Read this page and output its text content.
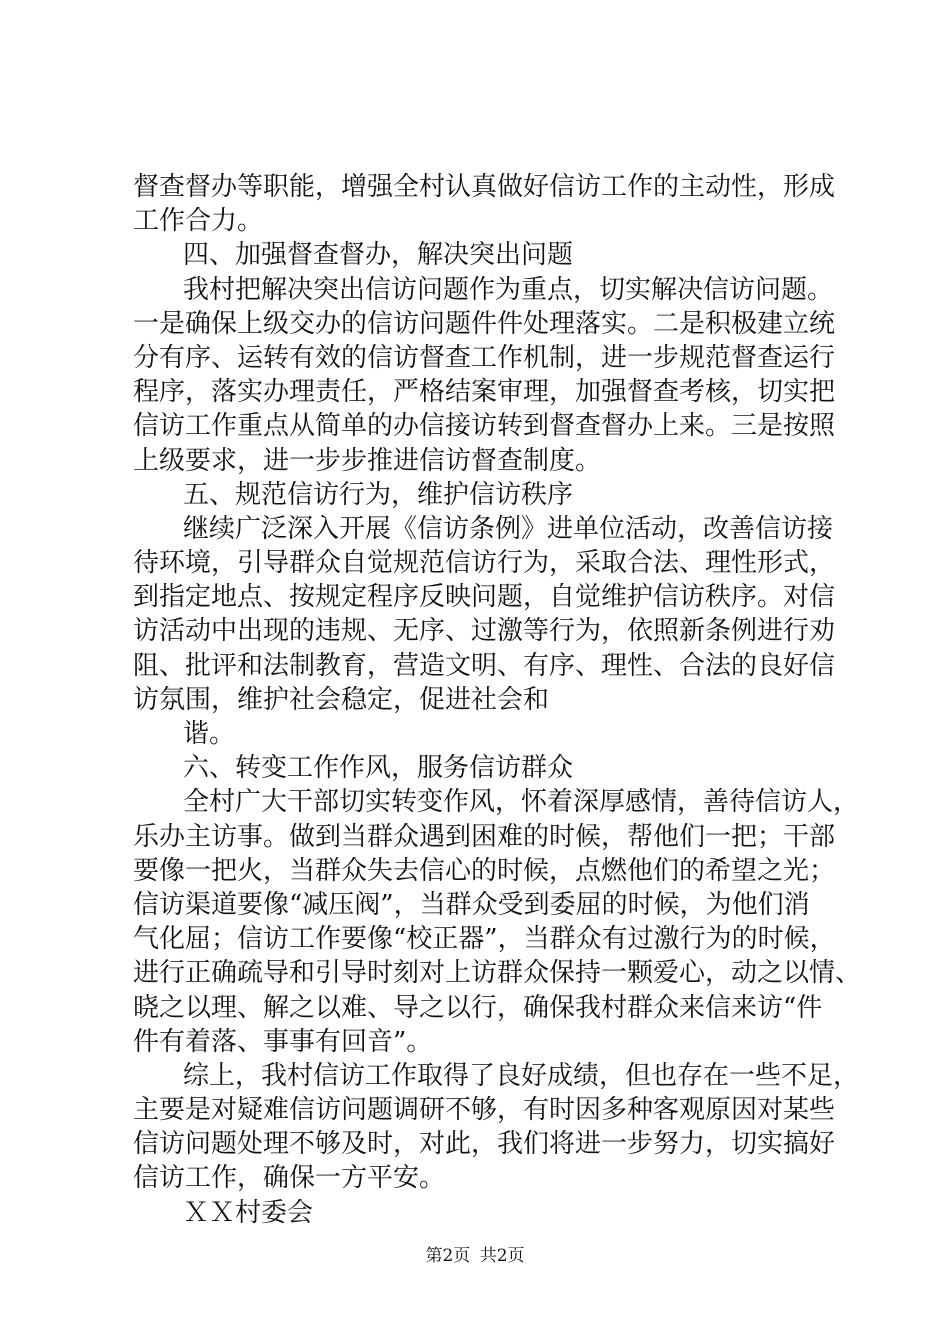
督查督办等职能，增强全村认真做好信访工作的主动性，形成
工作合力。
四、加强督查督办，解决突出问题
我村把解决突出信访问题作为重点，切实解决信访问题。
一是确保上级交办的信访问题件件处理落实。二是积极建立统
分有序、运转有效的信访督查工作机制，进一步规范督查运行
程序，落实办理责任，严格结案审理，加强督查考核，切实把
信访工作重点从简单的办信接访转到督查督办上来。三是按照
上级要求，进一步步推进信访督查制度。
五、规范信访行为，维护信访秩序
继续广泛深入开展《信访条例》进单位活动，改善信访接
待环境，引导群众自觉规范信访行为，采取合法、理性形式，
到指定地点、按规定程序反映问题，自觉维护信访秩序。对信
访活动中出现的违规、无序、过激等行为，依照新条例进行劝
阻、批评和法制教育，营造文明、有序、理性、合法的良好信
访氛围，维护社会稳定，促进社会和
谐。
六、转变工作作风，服务信访群众
全村广大干部切实转变作风，怀着深厚感情，善待信访人，
乐办主访事。做到当群众遇到困难的时候，帮他们一把；干部
要像一把火，当群众失去信心的时候，点燃他们的希望之光；
信访渠道要像“减压阀”，当群众受到委屈的时候，为他们消
气化屈；信访工作要像“校正器”，当群众有过激行为的时候，
进行正确疏导和引导时刻对上访群众保持一颗爱心，动之以情、
晓之以理、解之以难、导之以行，确保我村群众来信来访“件
件有着落、事事有回音”。
综上，我村信访工作取得了良好成绩，但也存在一些不足，
主要是对疑难信访问题调研不够，有时因多种客观原因对某些
信访问题处理不够及时，对此，我们将进一步努力，切实搞好
信访工作，确保一方平安。
ＸＸ村委会
第2页 共2页
